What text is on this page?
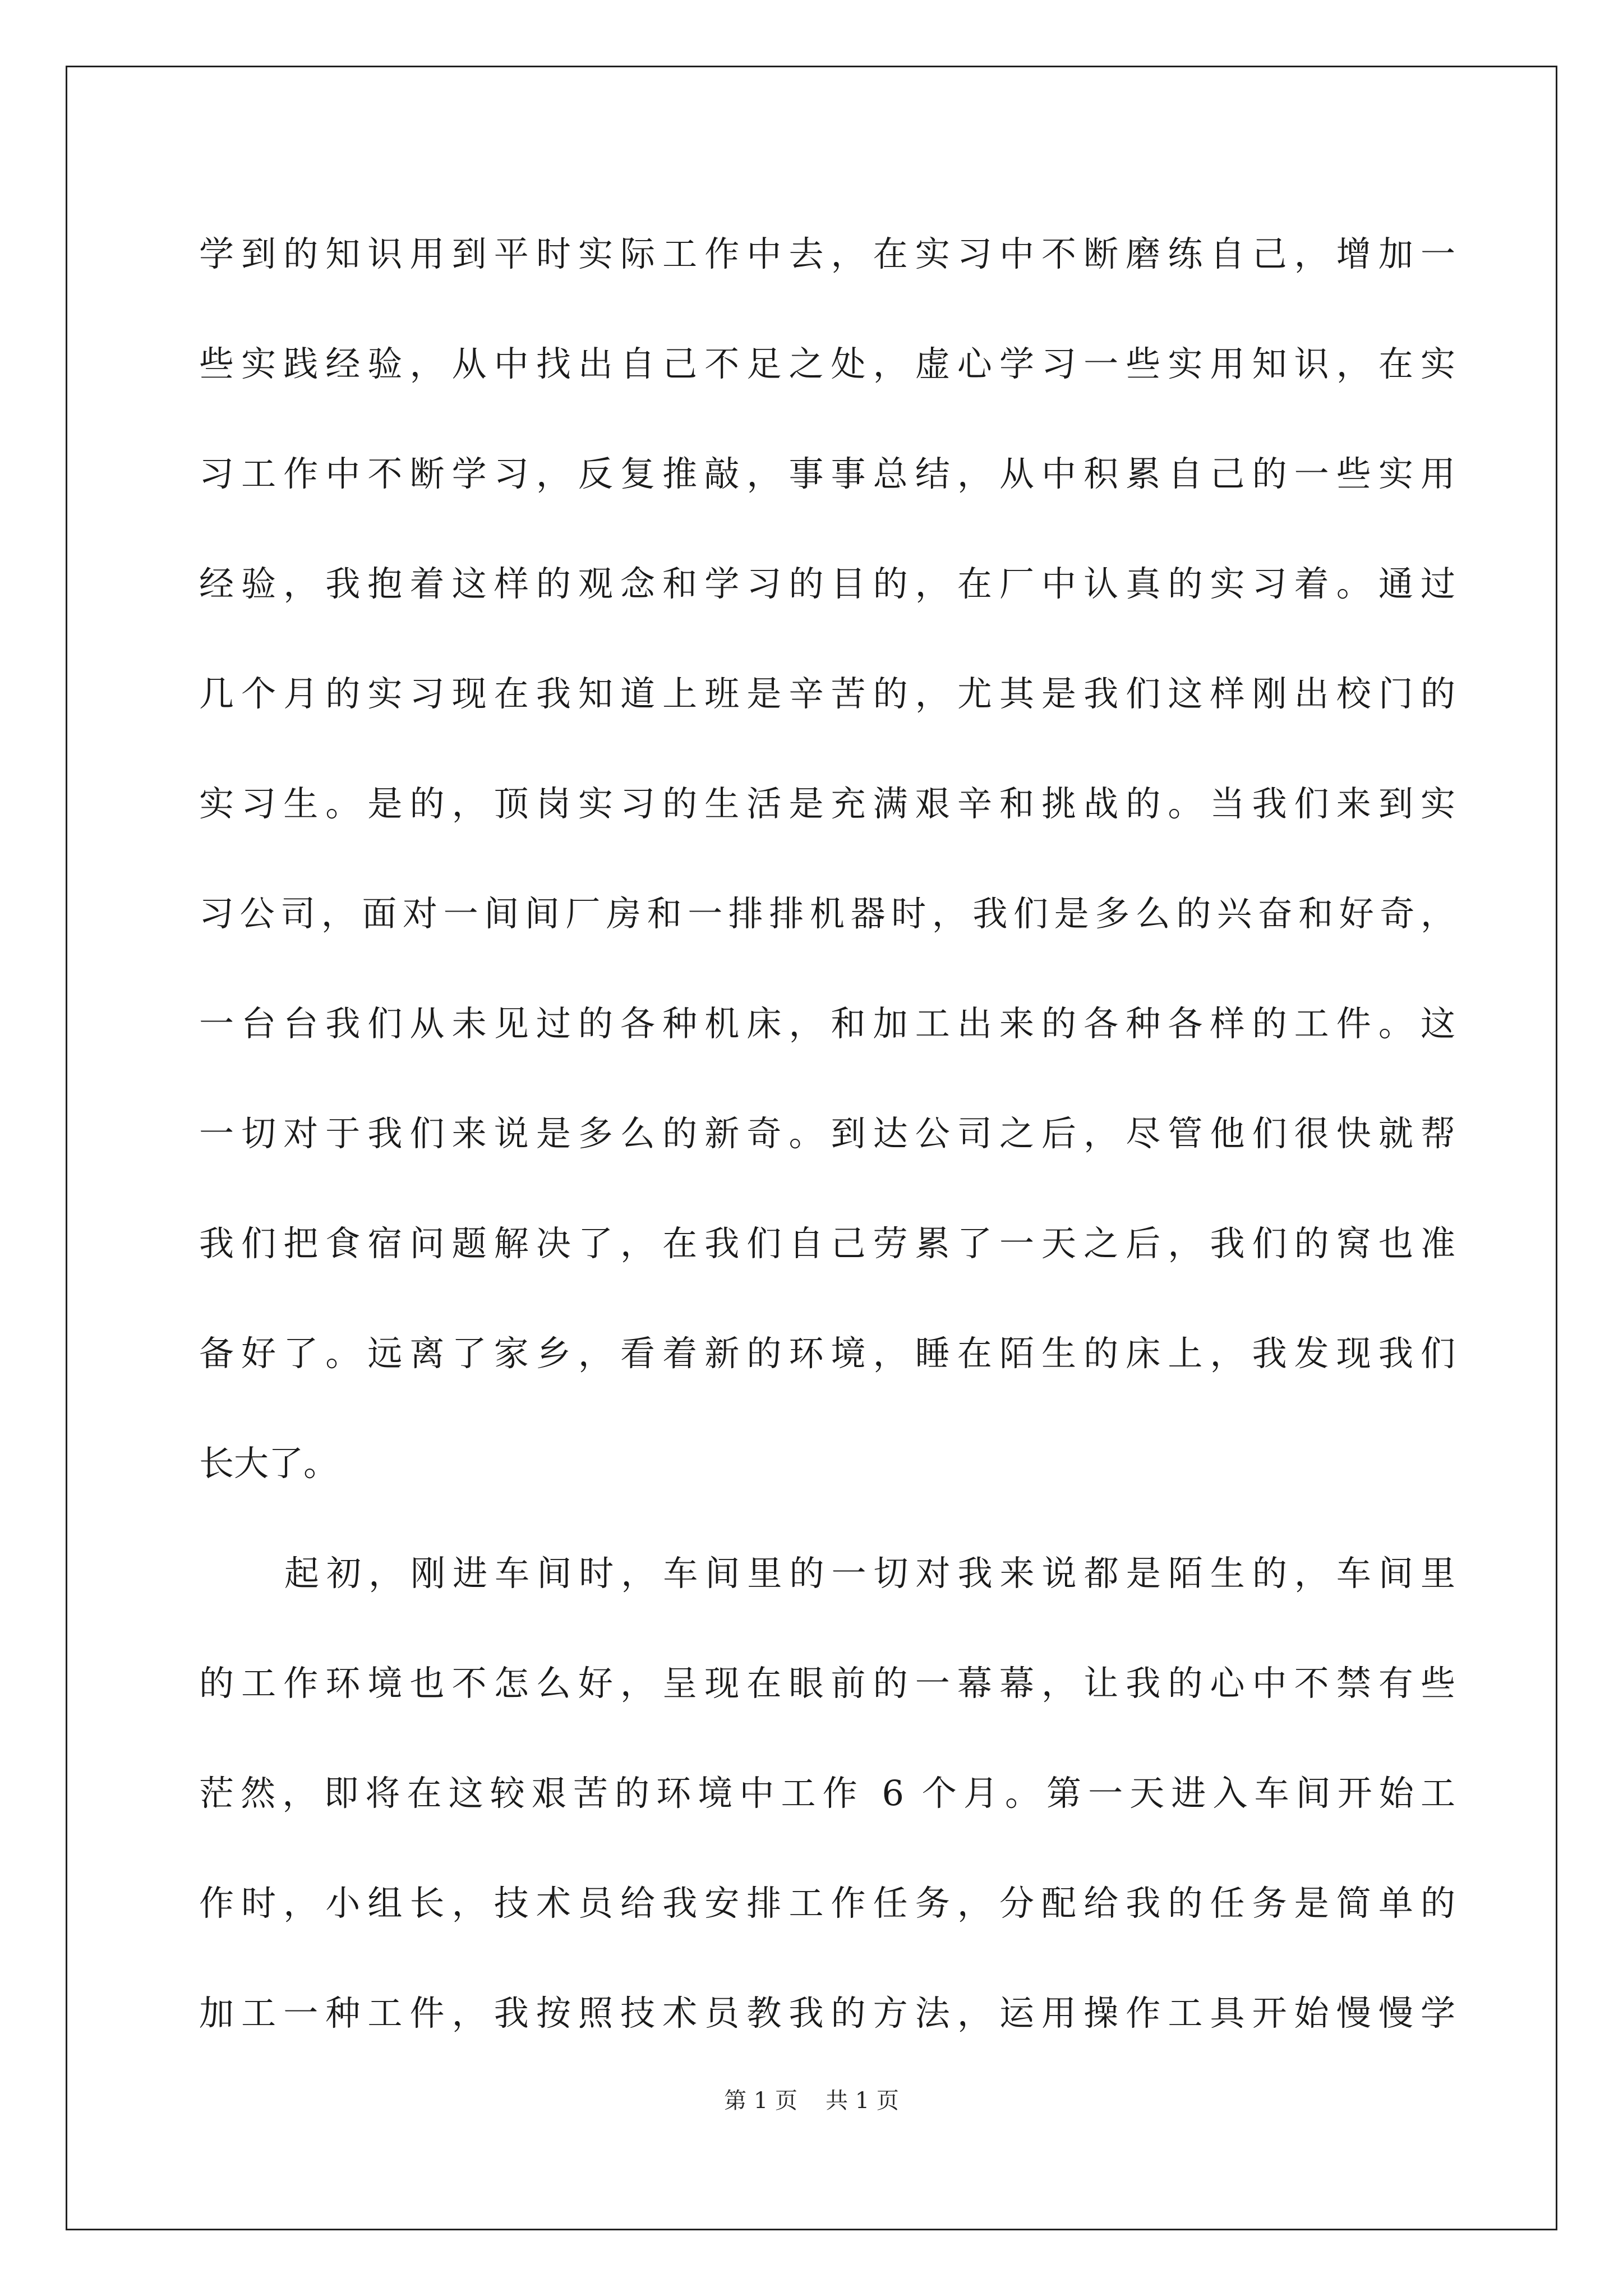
学到的知识用到平时实际工作中去，在实习中不断磨练自己，增加一
些实践经验，从中找出自己不足之处，虚心学习一些实用知识，在实
习工作中不断学习，反复推敲，事事总结，从中积累自己的一些实用
经验，我抱着这样的观念和学习的目的，在厂中认真的实习着。通过
几个月的实习现在我知道上班是辛苦的，尤其是我们这样刚出校门的
实习生。是的，顶岗实习的生活是充满艰辛和挑战的。当我们来到实
习公司，面对一间间厂房和一排排机器时，我们是多么的兴奋和好奇，
一台台我们从未见过的各种机床，和加工出来的各种各样的工件。这
一切对于我们来说是多么的新奇。到达公司之后，尽管他们很快就帮
我们把食宿问题解决了，在我们自己劳累了一天之后，我们的窝也准
备好了。远离了家乡，看着新的环境，睡在陌生的床上，我发现我们
长大了。
起初，刚进车间时，车间里的一切对我来说都是陌生的，车间里
的工作环境也不怎么好，呈现在眼前的一幕幕，让我的心中不禁有些
茫然，即将在这较艰苦的环境中工作 6 个月。第一天进入车间开始工
作时，小组长，技术员给我安排工作任务，分配给我的任务是简单的
加工一种工件，我按照技术员教我的方法，运用操作工具开始慢慢学
第 1 页 共 1 页
